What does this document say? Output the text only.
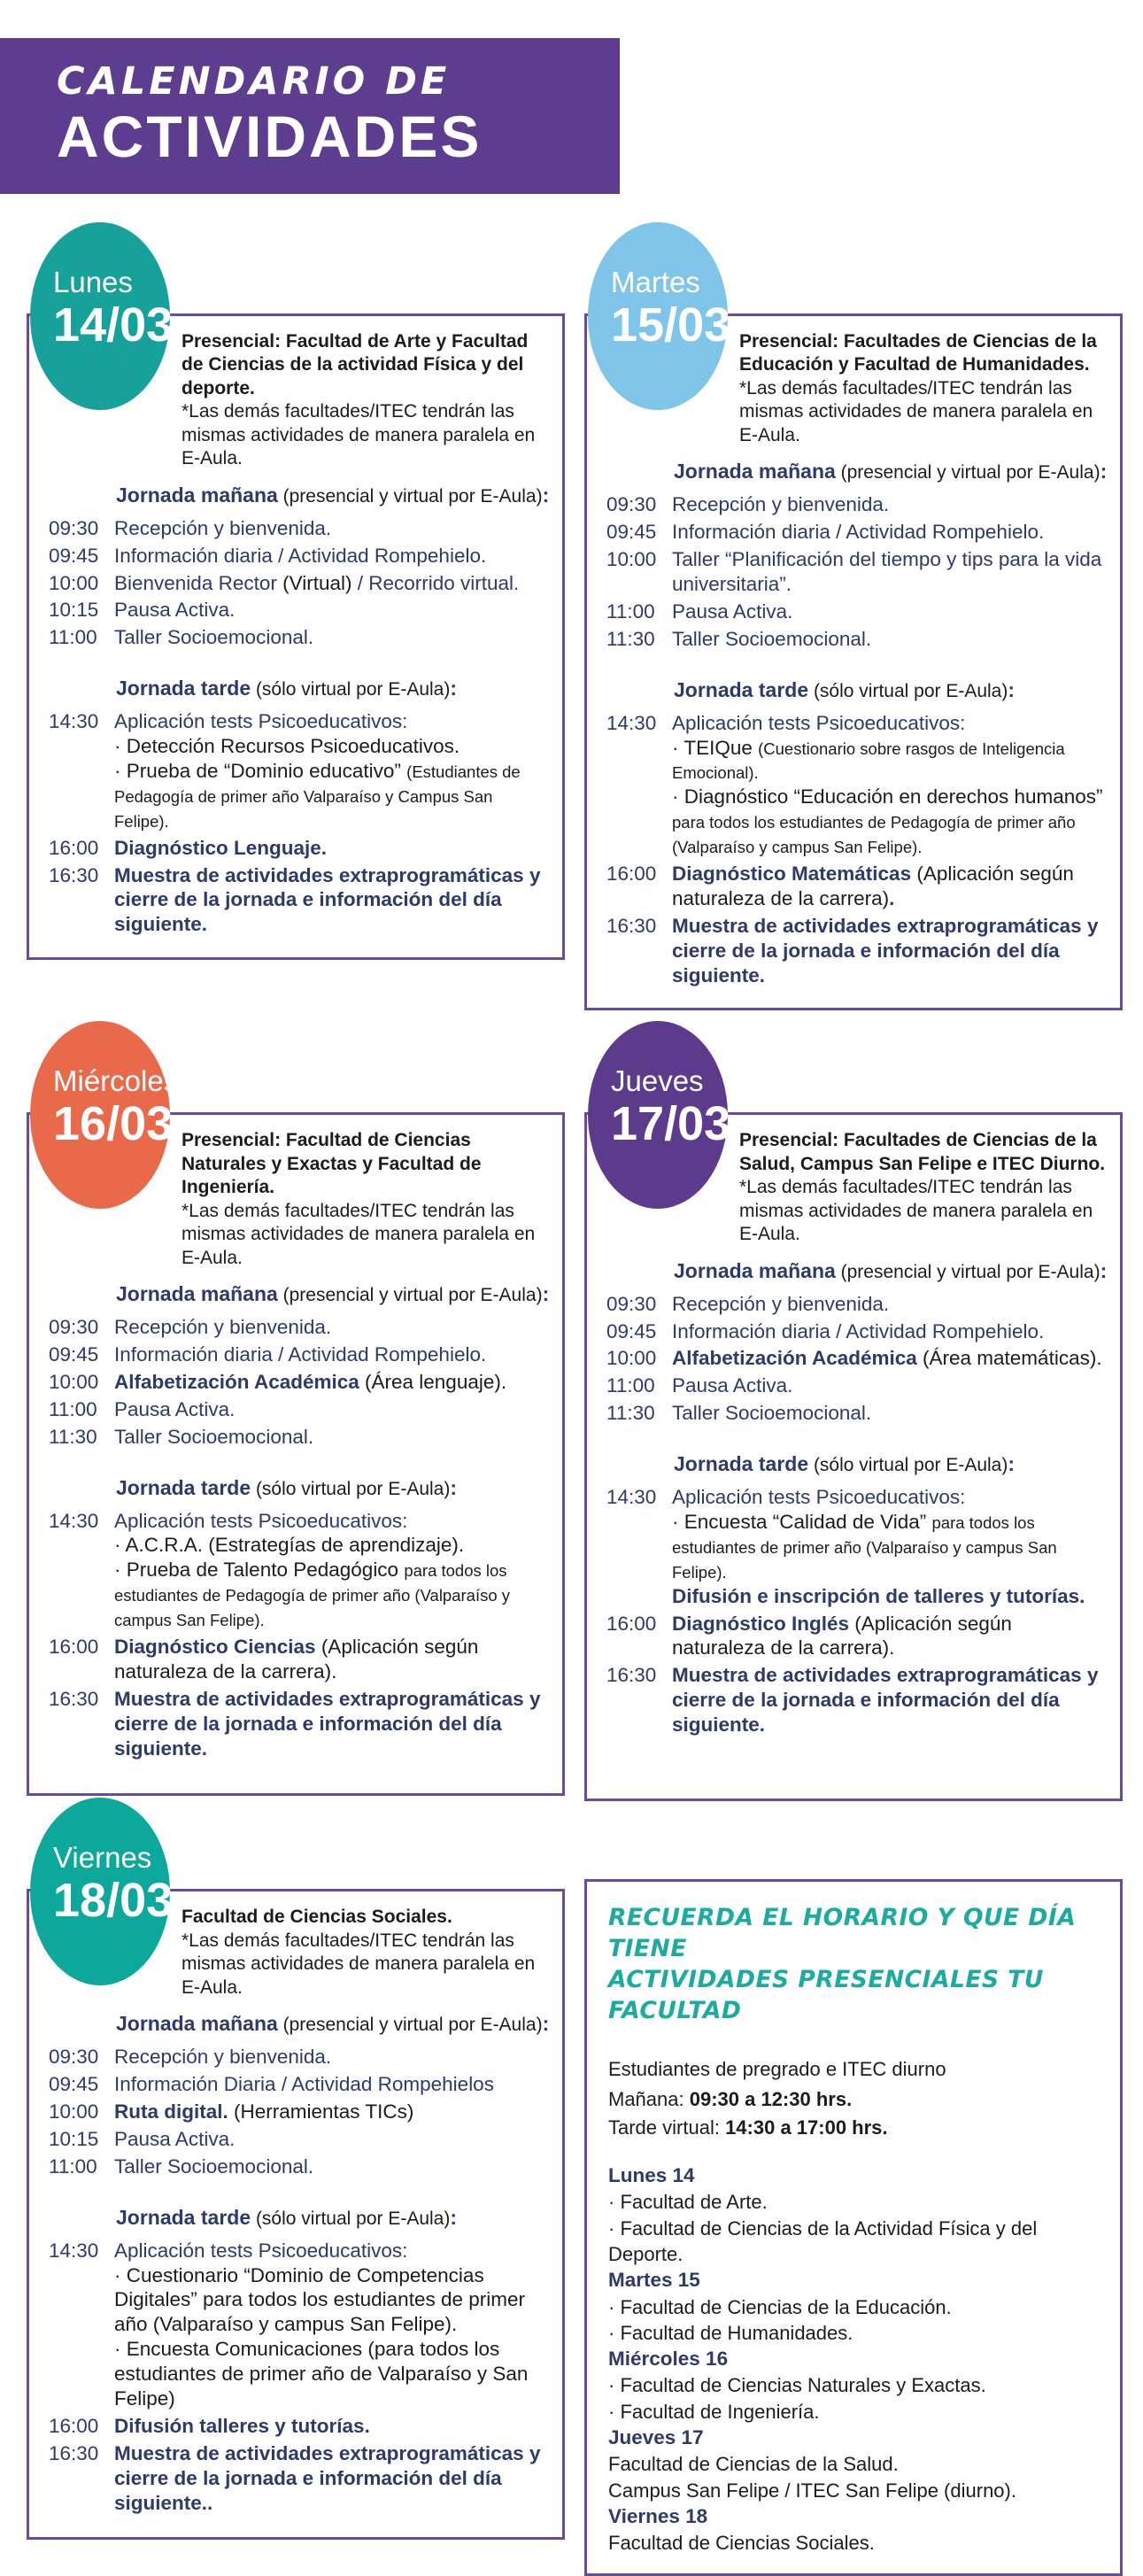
CALENDARIO DE
ACTIVIDADES
Lunes
14/03 Presencial: Facultad de Arte y Facultad de Ciencias de la actividad Física y del deporte.
*Las demás facultades/ITEC tendrán las mismas actividades de manera paralela en E-Aula.
Jornada mañana (presencial y virtual por E-Aula):
09:30 Recepción y bienvenida.
09:45 Información diaria / Actividad Rompehielo.
10:00 Bienvenida Rector (Virtual) / Recorrido virtual.
10:15 Pausa Activa.
11:00 Taller Socioemocional.
Jornada tarde (sólo virtual por E-Aula):
14:30 Aplicación tests Psicoeducativos:
· Detección Recursos Psicoeducativos.
· Prueba de “Dominio educativo” (Estudiantes de Pedagogía de primer año Valparaíso y Campus San Felipe).
16:00 Diagnóstico Lenguaje.
16:30 Muestra de actividades extraprogramáticas y cierre de la jornada e información del día siguiente.
Martes
15/03 Presencial: Facultades de Ciencias de la Educación y Facultad de Humanidades.
*Las demás facultades/ITEC tendrán las mismas actividades de manera paralela en E-Aula.
Jornada mañana (presencial y virtual por E-Aula):
09:30 Recepción y bienvenida.
09:45 Información diaria / Actividad Rompehielo.
10:00 Taller “Planificación del tiempo y tips para la vida universitaria”.
11:00 Pausa Activa.
11:30 Taller Socioemocional.
Jornada tarde (sólo virtual por E-Aula):
14:30 Aplicación tests Psicoeducativos:
· TEIQue (Cuestionario sobre rasgos de Inteligencia Emocional).
· Diagnóstico “Educación en derechos humanos” para todos los estudiantes de Pedagogía de primer año (Valparaíso y campus San Felipe).
16:00 Diagnóstico Matemáticas (Aplicación según naturaleza de la carrera).
16:30 Muestra de actividades extraprogramáticas y cierre de la jornada e información del día siguiente.
Miércoles
16/03 Presencial: Facultad de Ciencias Naturales y Exactas y Facultad de Ingeniería.
*Las demás facultades/ITEC tendrán las mismas actividades de manera paralela en E-Aula.
Jornada mañana (presencial y virtual por E-Aula):
09:30 Recepción y bienvenida.
09:45 Información diaria / Actividad Rompehielo.
10:00 Alfabetización Académica (Área lenguaje).
11:00 Pausa Activa.
11:30 Taller Socioemocional.
Jornada tarde (sólo virtual por E-Aula):
14:30 Aplicación tests Psicoeducativos:
· A.C.R.A. (Estrategías de aprendizaje).
· Prueba de Talento Pedagógico para todos los estudiantes de Pedagogía de primer año (Valparaíso y campus San Felipe).
16:00 Diagnóstico Ciencias (Aplicación según naturaleza de la carrera).
16:30 Muestra de actividades extraprogramáticas y cierre de la jornada e información del día siguiente.
Jueves
17/03 Presencial: Facultades de Ciencias de la Salud, Campus San Felipe e ITEC Diurno.
*Las demás facultades/ITEC tendrán las mismas actividades de manera paralela en E-Aula.
Jornada mañana (presencial y virtual por E-Aula):
09:30 Recepción y bienvenida.
09:45 Información diaria / Actividad Rompehielo.
10:00 Alfabetización Académica (Área matemáticas).
11:00 Pausa Activa.
11:30 Taller Socioemocional.
Jornada tarde (sólo virtual por E-Aula):
14:30 Aplicación tests Psicoeducativos:
· Encuesta “Calidad de Vida” para todos los estudiantes de primer año (Valparaíso y campus San Felipe).
Difusión e inscripción de talleres y tutorías.
16:00 Diagnóstico Inglés (Aplicación según naturaleza de la carrera).
16:30 Muestra de actividades extraprogramáticas y cierre de la jornada e información del día siguiente.
Viernes
18/03 Facultad de Ciencias Sociales.
*Las demás facultades/ITEC tendrán las mismas actividades de manera paralela en E-Aula.
Jornada mañana (presencial y virtual por E-Aula):
09:30 Recepción y bienvenida.
09:45 Información Diaria / Actividad Rompehielos
10:00 Ruta digital. (Herramientas TICs)
10:15 Pausa Activa.
11:00 Taller Socioemocional.
Jornada tarde (sólo virtual por E-Aula):
14:30 Aplicación tests Psicoeducativos:
· Cuestionario “Dominio de Competencias Digitales” para todos los estudiantes de primer año (Valparaíso y campus San Felipe).
· Encuesta Comunicaciones (para todos los estudiantes de primer año de Valparaíso y San Felipe)
16:00 Difusión talleres y tutorías.
16:30 Muestra de actividades extraprogramáticas y cierre de la jornada e información del día siguiente..
RECUERDA EL HORARIO Y QUE DÍA TIENE
ACTIVIDADES PRESENCIALES TU FACULTAD
Estudiantes de pregrado e ITEC diurno
Mañana: 09:30 a 12:30 hrs.
Tarde virtual: 14:30 a 17:00 hrs.
Lunes 14
· Facultad de Arte.
· Facultad de Ciencias de la Actividad Física y del Deporte.
Martes 15
· Facultad de Ciencias de la Educación.
· Facultad de Humanidades.
Miércoles 16
· Facultad de Ciencias Naturales y Exactas.
· Facultad de Ingeniería.
Jueves 17
Facultad de Ciencias de la Salud.
Campus San Felipe / ITEC San Felipe (diurno).
Viernes 18
Facultad de Ciencias Sociales.
